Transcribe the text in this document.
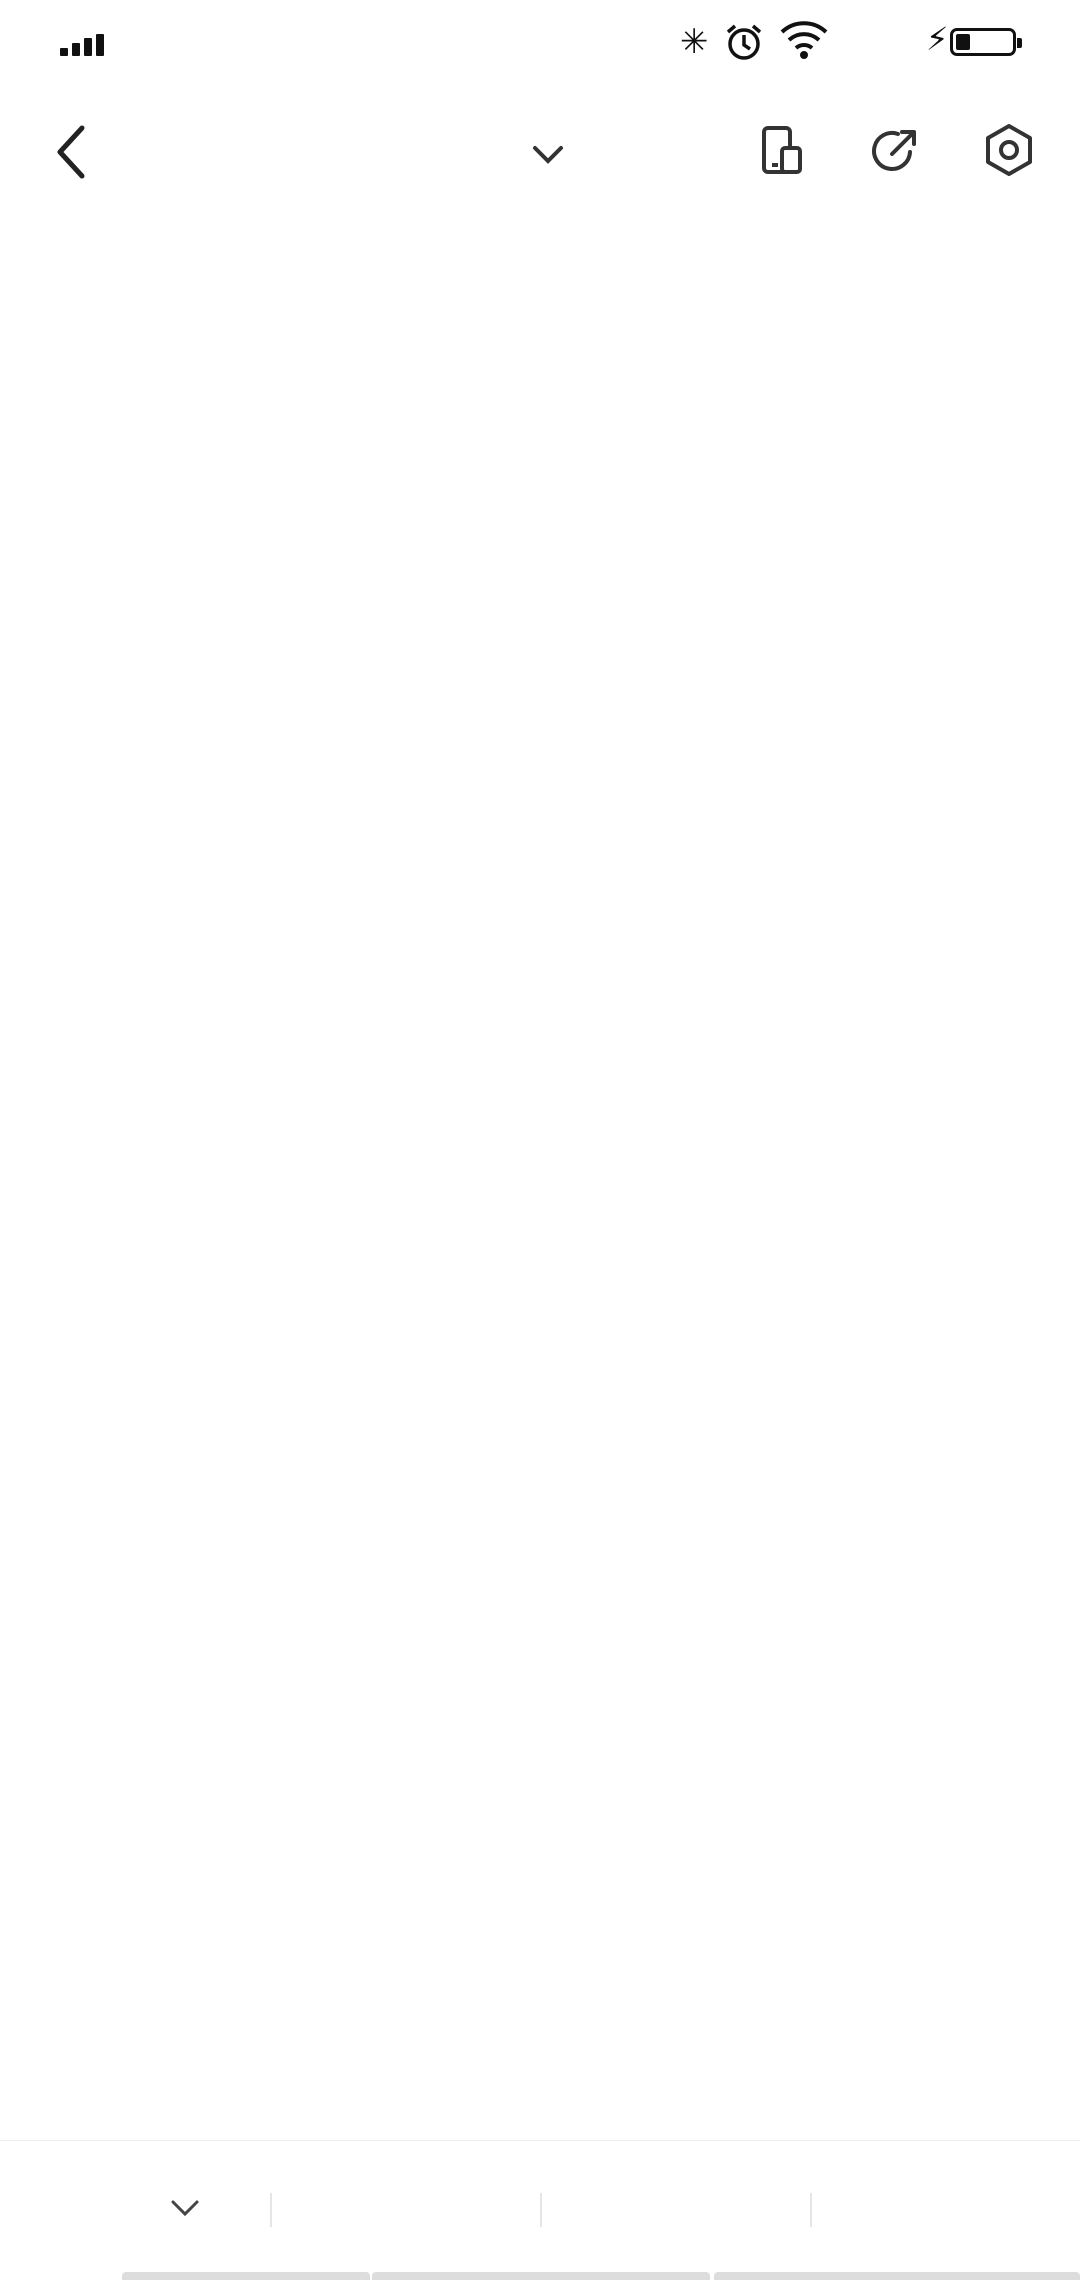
✳	⚡
